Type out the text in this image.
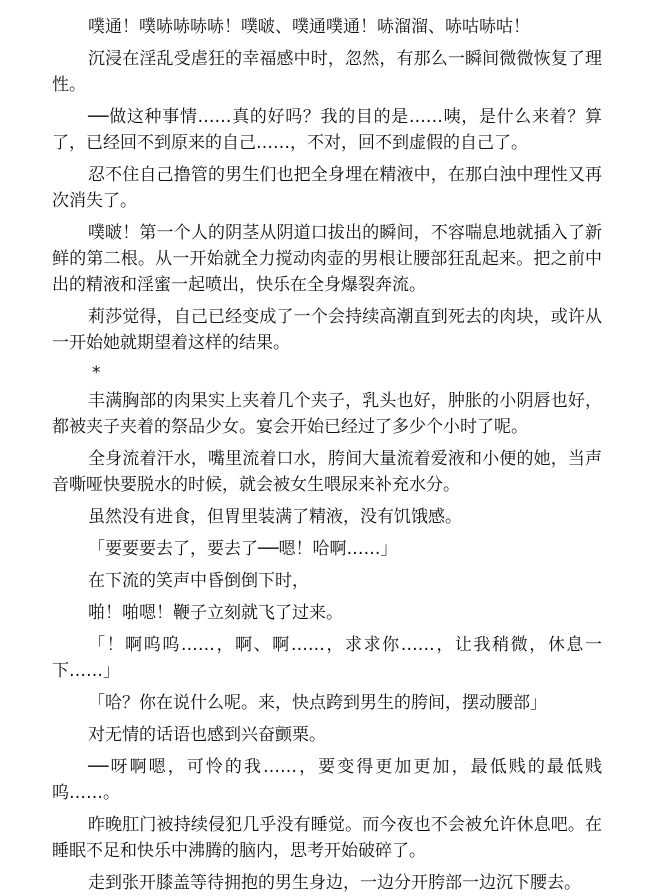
噗通！噗哧哧哧哧！噗啵、噗通噗通！哧溜溜、哧咕哧咕！

沉浸在淫乱受虐狂的幸福感中时，忽然，有那么一瞬间微微恢复了理性。

──做这种事情……真的好吗？我的目的是……咦，是什么来着？算了，已经回不到原来的自己……，不对，回不到虚假的自己了。

忍不住自己撸管的男生们也把全身埋在精液中，在那白浊中理性又再次消失了。

噗啵！第一个人的阴茎从阴道口拔出的瞬间，不容喘息地就插入了新鲜的第二根。从一开始就全力搅动肉壶的男根让腰部狂乱起来。把之前中出的精液和淫蜜一起喷出，快乐在全身爆裂奔流。

莉莎觉得，自己已经变成了一个会持续高潮直到死去的肉块，或许从一开始她就期望着这样的结果。

*

丰满胸部的肉果实上夹着几个夹子，乳头也好，肿胀的小阴唇也好，都被夹子夹着的祭品少女。宴会开始已经过了多少个小时了呢。

全身流着汗水，嘴里流着口水，胯间大量流着爱液和小便的她，当声音嘶哑快要脱水的时候，就会被女生喂尿来补充水分。

虽然没有进食，但胃里装满了精液，没有饥饿感。

「要要要去了，要去了──嗯！哈啊……」

在下流的笑声中昏倒倒下时，

啪！啪嗯！鞭子立刻就飞了过来。

「！啊呜呜……，啊、啊……，求求你……，让我稍微，休息一下……」

「哈？你在说什么呢。来，快点跨到男生的胯间，摆动腰部」

对无情的话语也感到兴奋颤栗。

──呀啊嗯，可怜的我……，要变得更加更加，最低贱的最低贱呜……。

昨晚肛门被持续侵犯几乎没有睡觉。而今夜也不会被允许休息吧。在睡眠不足和快乐中沸腾的脑内，思考开始破碎了。

走到张开膝盖等待拥抱的男生身边，一边分开胯部一边沉下腰去。
